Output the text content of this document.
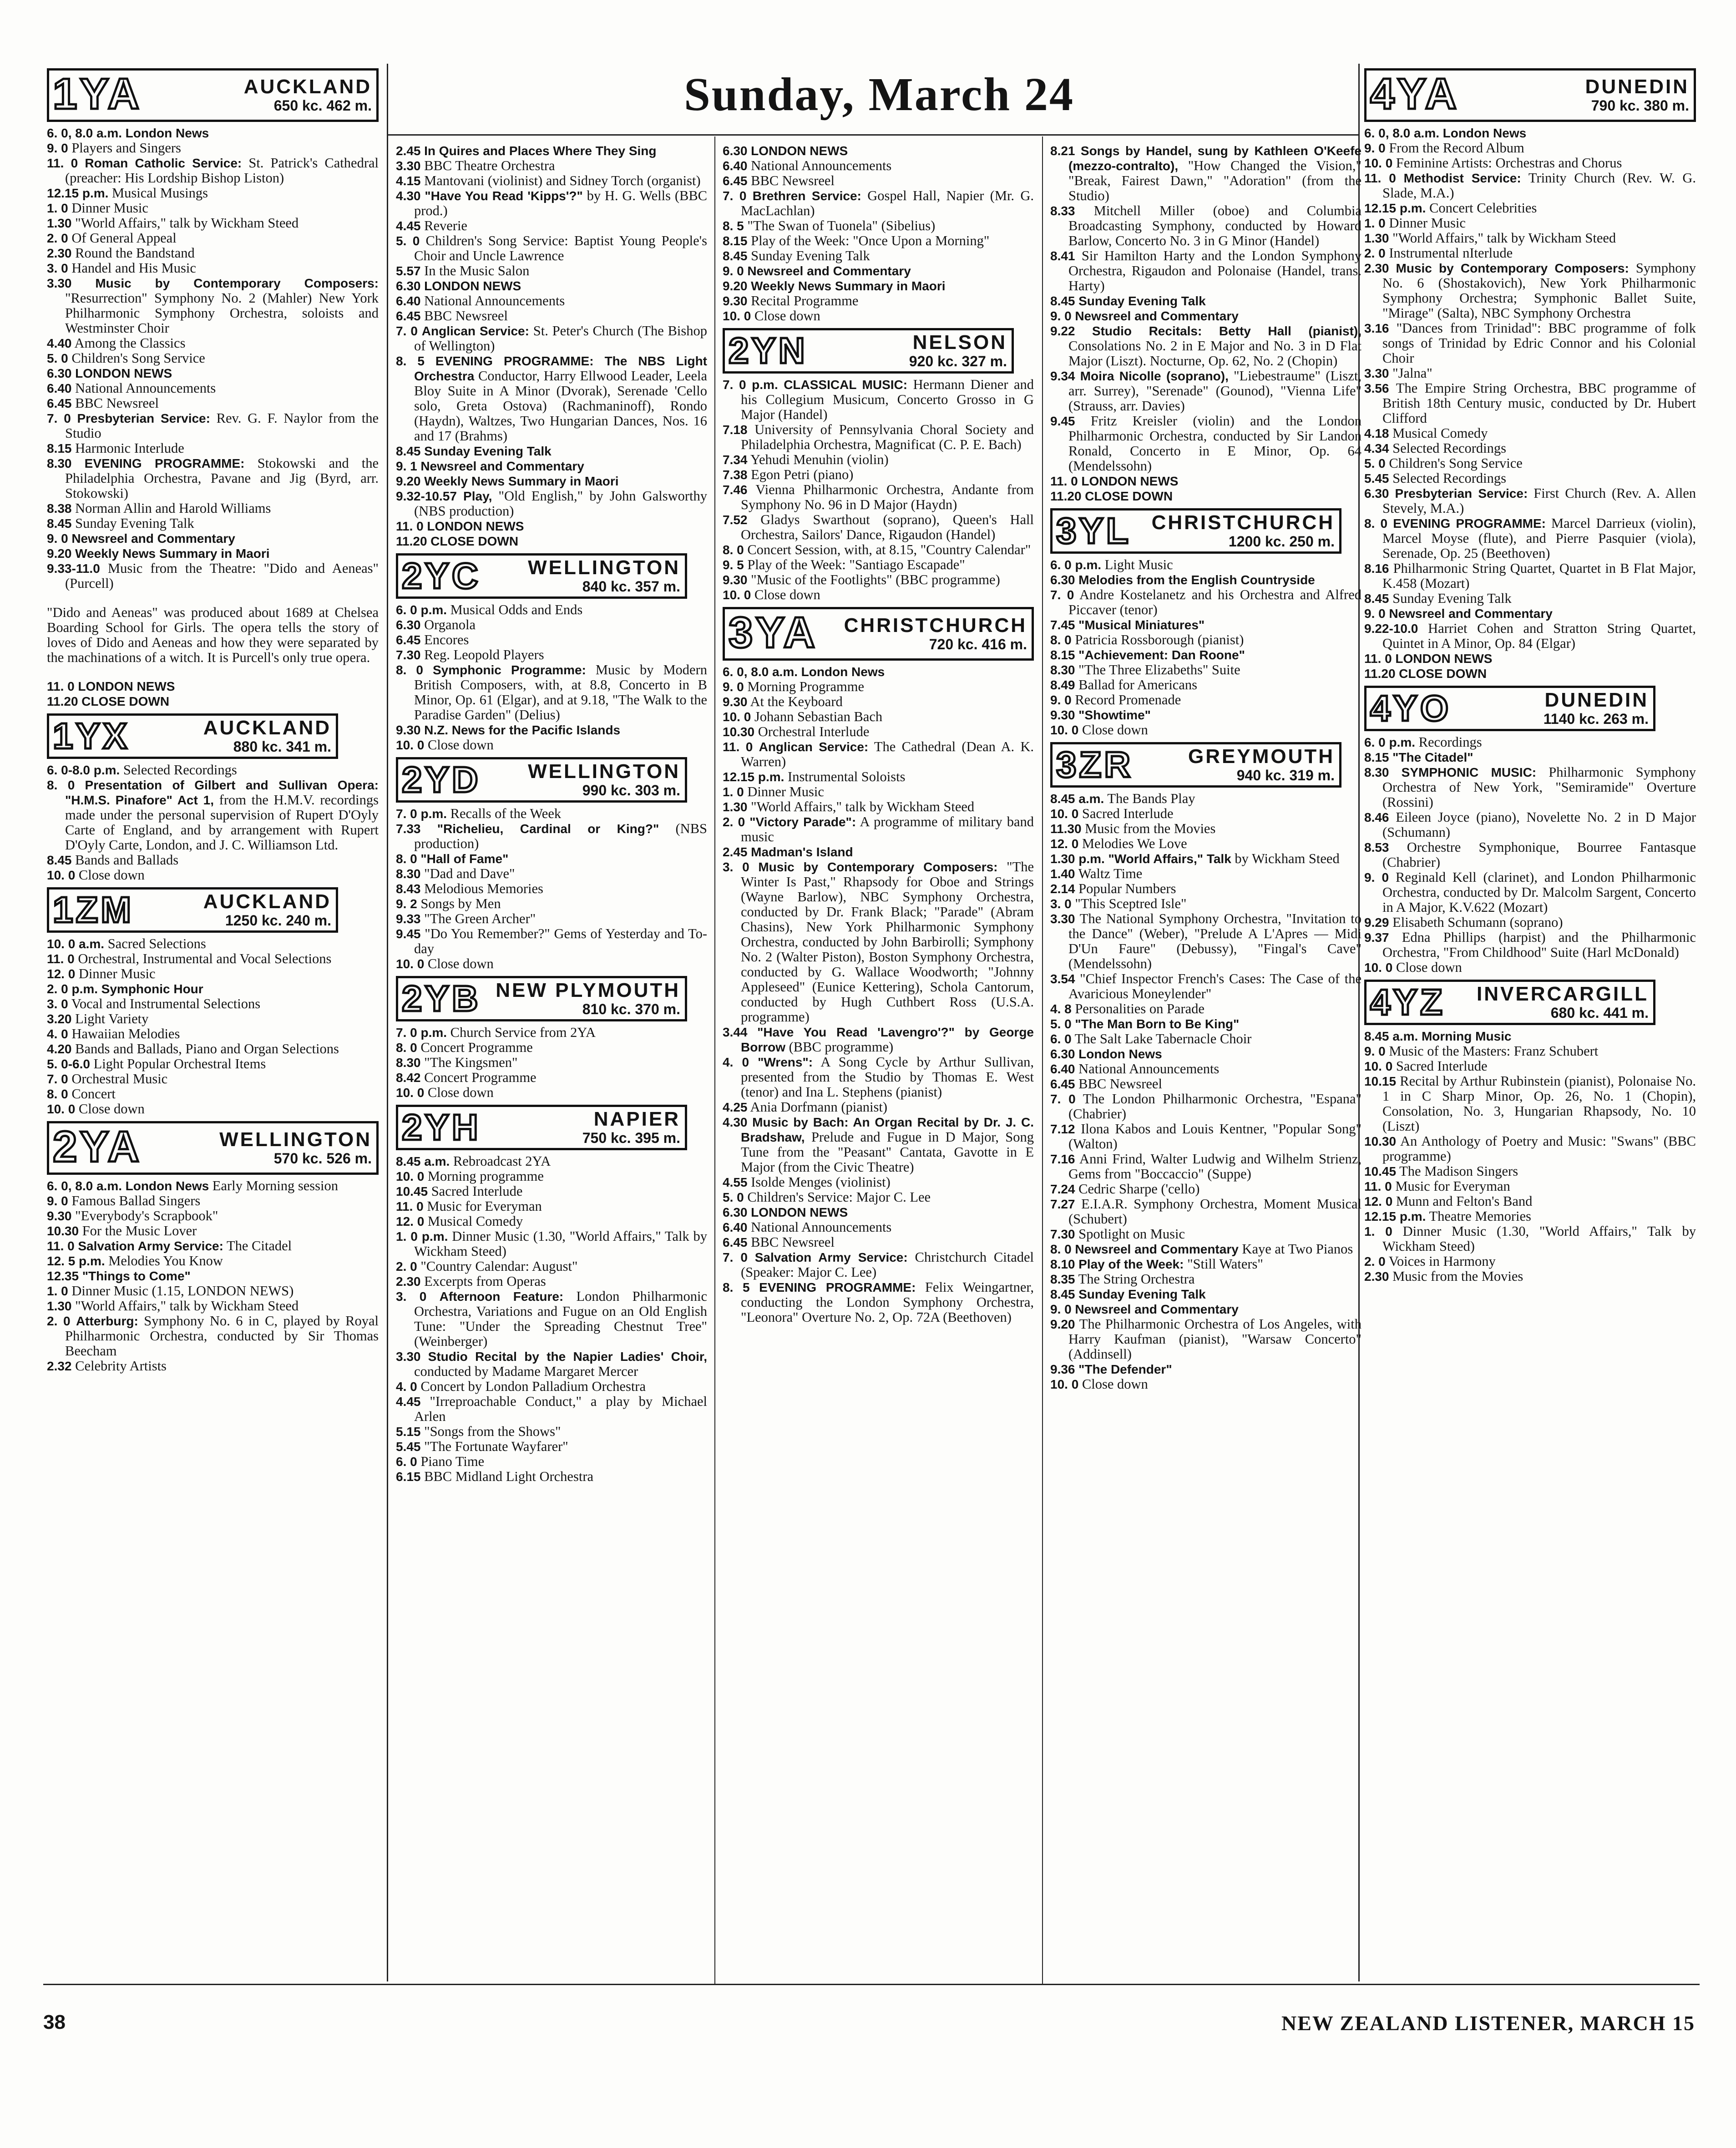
Sunday, March 24
1YA	AUCKLAND
650 kc. 462 m.

6. 0, 8.0 a.m. London News

9. 0 Players and Singers

11. 0 Roman Catholic Service: St. Patrick's Cathedral (preacher: His Lordship Bishop Liston)

12.15 p.m. Musical Musings

1. 0 Dinner Music

1.30 "World Affairs," talk by Wickham Steed

2. 0 Of General Appeal

2.30 Round the Bandstand

3. 0 Handel and His Music

3.30 Music by Contemporary Composers: "Resurrection" Symphony No. 2 (Mahler) New York Philharmonic Symphony Orchestra, soloists and Westminster Choir

4.40 Among the Classics

5. 0 Children's Song Service

6.30 LONDON NEWS

6.40 National Announcements

6.45 BBC Newsreel

7. 0 Presbyterian Service: Rev. G. F. Naylor from the Studio

8.15 Harmonic Interlude

8.30 EVENING PROGRAMME: Stokowski and the Philadelphia Orchestra, Pavane and Jig (Byrd, arr. Stokowski)

8.38 Norman Allin and Harold Williams

8.45 Sunday Evening Talk

9. 0 Newsreel and Commentary

9.20 Weekly News Summary in Maori

9.33-11.0 Music from the Theatre: "Dido and Aeneas" (Purcell)

"Dido and Aeneas" was produced about 1689 at Chelsea Boarding School for Girls. The opera tells the story of loves of Dido and Aeneas and how they were separated by the machinations of a witch. It is Purcell's only true opera.

11. 0 LONDON NEWS

11.20 CLOSE DOWN

1YX	AUCKLAND
880 kc. 341 m.

6. 0-8.0 p.m. Selected Recordings

8. 0 Presentation of Gilbert and Sullivan Opera: "H.M.S. Pinafore" Act 1, from the H.M.V. recordings made under the personal supervision of Rupert D'Oyly Carte of England, and by arrangement with Rupert D'Oyly Carte, London, and J. C. Williamson Ltd.

8.45 Bands and Ballads

10. 0 Close down

1ZM	AUCKLAND
1250 kc. 240 m.

10. 0 a.m. Sacred Selections

11. 0 Orchestral, Instrumental and Vocal Selections

12. 0 Dinner Music

2. 0 p.m. Symphonic Hour

3. 0 Vocal and Instrumental Selections

3.20 Light Variety

4. 0 Hawaiian Melodies

4.20 Bands and Ballads, Piano and Organ Selections

5. 0-6.0 Light Popular Orchestral Items

7. 0 Orchestral Music

8. 0 Concert

10. 0 Close down

2YA	WELLINGTON
570 kc. 526 m.

6. 0, 8.0 a.m. London News Early Morning session

9. 0 Famous Ballad Singers

9.30 "Everybody's Scrapbook"

10.30 For the Music Lover

11. 0 Salvation Army Service: The Citadel

12. 5 p.m. Melodies You Know

12.35 "Things to Come"

1. 0 Dinner Music (1.15, LONDON NEWS)

1.30 "World Affairs," talk by Wickham Steed

2. 0 Atterburg: Symphony No. 6 in C, played by Royal Philharmonic Orchestra, conducted by Sir Thomas Beecham

2.32 Celebrity Artists

2.45 In Quires and Places Where They Sing

3.30 BBC Theatre Orchestra

4.15 Mantovani (violinist) and Sidney Torch (organist)

4.30 "Have You Read 'Kipps'?" by H. G. Wells (BBC prod.)

4.45 Reverie

5. 0 Children's Song Service: Baptist Young People's Choir and Uncle Lawrence

5.57 In the Music Salon

6.30 LONDON NEWS

6.40 National Announcements

6.45 BBC Newsreel

7. 0 Anglican Service: St. Peter's Church (The Bishop of Wellington)

8. 5 EVENING PROGRAMME: The NBS Light Orchestra Conductor, Harry Ellwood Leader, Leela Bloy Suite in A Minor (Dvorak), Serenade 'Cello solo, Greta Ostova) (Rachmaninoff), Rondo (Haydn), Waltzes, Two Hungarian Dances, Nos. 16 and 17 (Brahms)

8.45 Sunday Evening Talk

9. 1 Newsreel and Commentary

9.20 Weekly News Summary in Maori

9.32-10.57 Play, "Old English," by John Galsworthy (NBS production)

11. 0 LONDON NEWS

11.20 CLOSE DOWN

2YC	WELLINGTON
840 kc. 357 m.

6. 0 p.m. Musical Odds and Ends

6.30 Organola

6.45 Encores

7.30 Reg. Leopold Players

8. 0 Symphonic Programme: Music by Modern British Composers, with, at 8.8, Concerto in B Minor, Op. 61 (Elgar), and at 9.18, "The Walk to the Paradise Garden" (Delius)

9.30 N.Z. News for the Pacific Islands

10. 0 Close down

2YD	WELLINGTON
990 kc. 303 m.

7. 0 p.m. Recalls of the Week

7.33 "Richelieu, Cardinal or King?" (NBS production)

8. 0 "Hall of Fame"

8.30 "Dad and Dave"

8.43 Melodious Memories

9. 2 Songs by Men

9.33 "The Green Archer"

9.45 "Do You Remember?" Gems of Yesterday and To-day

10. 0 Close down

2YB NEW PLYMOUTH
810 kc. 370 m.

7. 0 p.m. Church Service from 2YA

8. 0 Concert Programme

8.30 "The Kingsmen"

8.42 Concert Programme

10. 0 Close down

2YH	NAPIER
750 kc. 395 m.

8.45 a.m. Rebroadcast 2YA

10. 0 Morning programme

10.45 Sacred Interlude

11. 0 Music for Everyman

12. 0 Musical Comedy

1. 0 p.m. Dinner Music (1.30, "World Affairs," Talk by Wickham Steed)

2. 0 "Country Calendar: August"

2.30 Excerpts from Operas

3. 0 Afternoon Feature: London Philharmonic Orchestra, Variations and Fugue on an Old English Tune: "Under the Spreading Chestnut Tree" (Weinberger)

3.30 Studio Recital by the Napier Ladies' Choir, conducted by Madame Margaret Mercer

4. 0 Concert by London Palladium Orchestra

4.45 "Irreproachable Conduct," a play by Michael Arlen

5.15 "Songs from the Shows"

5.45 "The Fortunate Wayfarer"

6. 0 Piano Time

6.15 BBC Midland Light Orchestra

6.30 LONDON NEWS

6.40 National Announcements

6.45 BBC Newsreel

7. 0 Brethren Service: Gospel Hall, Napier (Mr. G. MacLachlan)

8. 5 "The Swan of Tuonela" (Sibelius)

8.15 Play of the Week: "Once Upon a Morning"

8.45 Sunday Evening Talk

9. 0 Newsreel and Commentary

9.20 Weekly News Summary in Maori

9.30 Recital Programme

10. 0 Close down

2YN	NELSON
920 kc. 327 m.

7. 0 p.m. CLASSICAL MUSIC: Hermann Diener and his Collegium Musicum, Concerto Grosso in G Major (Handel)

7.18 University of Pennsylvania Choral Society and Philadelphia Orchestra, Magnificat (C. P. E. Bach)

7.34 Yehudi Menuhin (violin)

7.38 Egon Petri (piano)

7.46 Vienna Philharmonic Orchestra, Andante from Symphony No. 96 in D Major (Haydn)

7.52 Gladys Swarthout (soprano), Queen's Hall Orchestra, Sailors' Dance, Rigaudon (Handel)

8. 0 Concert Session, with, at 8.15, "Country Calendar"

9. 5 Play of the Week: "Santiago Escapade"

9.30 "Music of the Footlights" (BBC programme)

10. 0 Close down

3YA	CHRISTCHURCH
720 kc. 416 m.

6. 0, 8.0 a.m. London News

9. 0 Morning Programme

9.30 At the Keyboard

10. 0 Johann Sebastian Bach

10.30 Orchestral Interlude

11. 0 Anglican Service: The Cathedral (Dean A. K. Warren)

12.15 p.m. Instrumental Soloists

1. 0 Dinner Music

1.30 "World Affairs," talk by Wickham Steed

2. 0 "Victory Parade": A programme of military band music

2.45 Madman's Island

3. 0 Music by Contemporary Composers: "The Winter Is Past," Rhapsody for Oboe and Strings (Wayne Barlow), NBC Symphony Orchestra, conducted by Dr. Frank Black; "Parade" (Abram Chasins), New York Philharmonic Symphony Orchestra, conducted by John Barbirolli; Symphony No. 2 (Walter Piston), Boston Symphony Orchestra, conducted by G. Wallace Woodworth; "Johnny Appleseed" (Eunice Kettering), Schola Cantorum, conducted by Hugh Cuthbert Ross (U.S.A. programme)

3.44 "Have You Read 'Lavengro'?" by George Borrow (BBC programme)

4. 0 "Wrens": A Song Cycle by Arthur Sullivan, presented from the Studio by Thomas E. West (tenor) and Ina L. Stephens (pianist)

4.25 Ania Dorfmann (pianist)

4.30 Music by Bach: An Organ Recital by Dr. J. C. Bradshaw, Prelude and Fugue in D Major, Song Tune from the "Peasant" Cantata, Gavotte in E Major (from the Civic Theatre)

4.55 Isolde Menges (violinist)

5. 0 Children's Service: Major C. Lee

6.30 LONDON NEWS

6.40 National Announcements

6.45 BBC Newsreel

7. 0 Salvation Army Service: Christchurch Citadel (Speaker: Major C. Lee)

8. 5 EVENING PROGRAMME: Felix Weingartner, conducting the London Symphony Orchestra, "Leonora" Overture No. 2, Op. 72A (Beethoven)

8.21 Songs by Handel, sung by Kathleen O'Keefe (mezzo-contralto), "How Changed the Vision," "Break, Fairest Dawn," "Adoration" (from the Studio)

8.33 Mitchell Miller (oboe) and Columbia Broadcasting Symphony, conducted by Howard Barlow, Concerto No. 3 in G Minor (Handel)

8.41 Sir Hamilton Harty and the London Symphony Orchestra, Rigaudon and Polonaise (Handel, trans. Harty)

8.45 Sunday Evening Talk

9. 0 Newsreel and Commentary

9.22 Studio Recitals: Betty Hall (pianist), Consolations No. 2 in E Major and No. 3 in D Flat Major (Liszt). Nocturne, Op. 62, No. 2 (Chopin)

9.34 Moira Nicolle (soprano), "Liebestraume" (Liszt, arr. Surrey), "Serenade" (Gounod), "Vienna Life" (Strauss, arr. Davies)

9.45 Fritz Kreisler (violin) and the London Philharmonic Orchestra, conducted by Sir Landon Ronald, Concerto in E Minor, Op. 64 (Mendelssohn)

11. 0 LONDON NEWS

11.20 CLOSE DOWN

3YL	CHRISTCHURCH
1200 kc. 250 m.

6. 0 p.m. Light Music

6.30 Melodies from the English Countryside

7. 0 Andre Kostelanetz and his Orchestra and Alfred Piccaver (tenor)

7.45 "Musical Miniatures"

8. 0 Patricia Rossborough (pianist)

8.15 "Achievement: Dan Roone"

8.30 "The Three Elizabeths" Suite

8.49 Ballad for Americans

9. 0 Record Promenade

9.30 "Showtime"

10. 0 Close down

3ZR	GREYMOUTH
940 kc. 319 m.

8.45 a.m. The Bands Play

10. 0 Sacred Interlude

11.30 Music from the Movies

12. 0 Melodies We Love

1.30 p.m. "World Affairs," Talk by Wickham Steed

1.40 Waltz Time

2.14 Popular Numbers

3. 0 "This Sceptred Isle"

3.30 The National Symphony Orchestra, "Invitation to the Dance" (Weber), "Prelude A L'Apres — Midi D'Un Faure" (Debussy), "Fingal's Cave" (Mendelssohn)

3.54 "Chief Inspector French's Cases: The Case of the Avaricious Moneylender"

4. 8 Personalities on Parade

5. 0 "The Man Born to Be King"

6. 0 The Salt Lake Tabernacle Choir

6.30 London News

6.40 National Announcements

6.45 BBC Newsreel

7. 0 The London Philharmonic Orchestra, "Espana" (Chabrier)

7.12 Ilona Kabos and Louis Kentner, "Popular Song" (Walton)

7.16 Anni Frind, Walter Ludwig and Wilhelm Strienz, Gems from "Boccaccio" (Suppe)

7.24 Cedric Sharpe ('cello)

7.27 E.I.A.R. Symphony Orchestra, Moment Musical (Schubert)

7.30 Spotlight on Music

8. 0 Newsreel and Commentary Kaye at Two Pianos

8.10 Play of the Week: "Still Waters"

8.35 The String Orchestra

8.45 Sunday Evening Talk

9. 0 Newsreel and Commentary

9.20 The Philharmonic Orchestra of Los Angeles, with Harry Kaufman (pianist), "Warsaw Concerto" (Addinsell)

9.36 "The Defender"

10. 0 Close down

4YA	DUNEDIN
790 kc. 380 m.

6. 0, 8.0 a.m. London News

9. 0 From the Record Album

10. 0 Feminine Artists: Orchestras and Chorus

11. 0 Methodist Service: Trinity Church (Rev. W. G. Slade, M.A.)

12.15 p.m. Concert Celebrities

1. 0 Dinner Music

1.30 "World Affairs," talk by Wickham Steed

2. 0 Instrumental nIterlude

2.30 Music by Contemporary Composers: Symphony No. 6 (Shostakovich), New York Philharmonic Symphony Orchestra; Symphonic Ballet Suite, "Mirage" (Salta), NBC Symphony Orchestra

3.16 "Dances from Trinidad": BBC programme of folk songs of Trinidad by Edric Connor and his Colonial Choir

3.30 "Jalna"

3.56 The Empire String Orchestra, BBC programme of British 18th Century music, conducted by Dr. Hubert Clifford

4.18 Musical Comedy

4.34 Selected Recordings

5. 0 Children's Song Service

5.45 Selected Recordings

6.30 Presbyterian Service: First Church (Rev. A. Allen Stevely, M.A.)

8. 0 EVENING PROGRAMME: Marcel Darrieux (violin), Marcel Moyse (flute), and Pierre Pasquier (viola), Serenade, Op. 25 (Beethoven)

8.16 Philharmonic String Quartet, Quartet in B Flat Major, K.458 (Mozart)

8.45 Sunday Evening Talk

9. 0 Newsreel and Commentary

9.22-10.0 Harriet Cohen and Stratton String Quartet, Quintet in A Minor, Op. 84 (Elgar)

11. 0 LONDON NEWS

11.20 CLOSE DOWN

4YO	DUNEDIN
1140 kc. 263 m.

6. 0 p.m. Recordings

8.15 "The Citadel"

8.30 SYMPHONIC MUSIC: Philharmonic Symphony Orchestra of New York, "Semiramide" Overture (Rossini)

8.46 Eileen Joyce (piano), Novelette No. 2 in D Major (Schumann)

8.53 Orchestre Symphonique, Bourree Fantasque (Chabrier)

9. 0 Reginald Kell (clarinet), and London Philharmonic Orchestra, conducted by Dr. Malcolm Sargent, Concerto in A Major, K.V.622 (Mozart)

9.29 Elisabeth Schumann (soprano)

9.37 Edna Phillips (harpist) and the Philharmonic Orchestra, "From Childhood" Suite (Harl McDonald)

10. 0 Close down

4YZ	INVERCARGILL
680 kc. 441 m.

8.45 a.m. Morning Music

9. 0 Music of the Masters: Franz Schubert

10. 0 Sacred Interlude

10.15 Recital by Arthur Rubinstein (pianist), Polonaise No. 1 in C Sharp Minor, Op. 26, No. 1 (Chopin), Consolation, No. 3, Hungarian Rhapsody, No. 10 (Liszt)

10.30 An Anthology of Poetry and Music: "Swans" (BBC programme)

10.45 The Madison Singers

11. 0 Music for Everyman

12. 0 Munn and Felton's Band

12.15 p.m. Theatre Memories

1. 0 Dinner Music (1.30, "World Affairs," Talk by Wickham Steed)

2. 0 Voices in Harmony

2.30 Music from the Movies

38	NEW ZEALAND LISTENER, MARCH 15
